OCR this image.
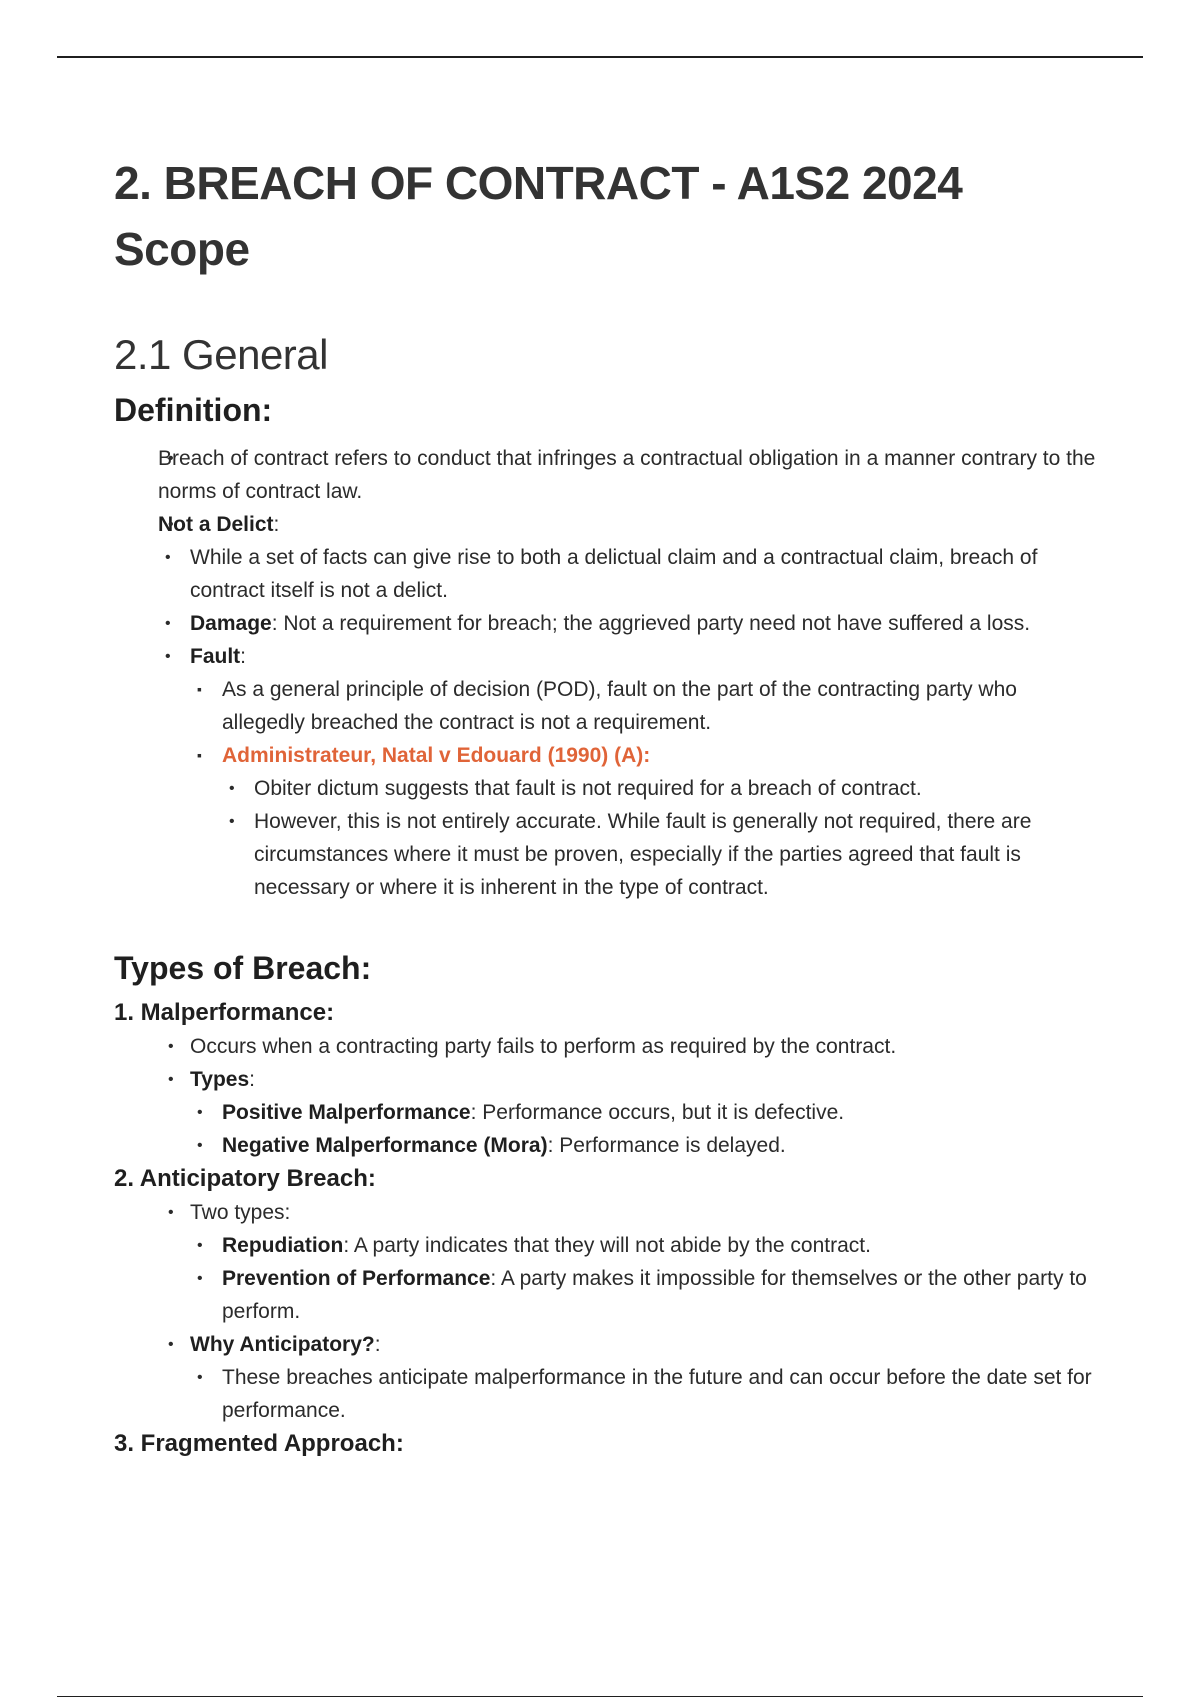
2. BREACH OF CONTRACT - A1S2 2024 Scope
2.1 General
Definition:
• Breach of contract refers to conduct that infringes a contractual obligation in a manner contrary to the norms of contract law.
• Not a Delict:
• While a set of facts can give rise to both a delictual claim and a contractual claim, breach of contract itself is not a delict.
• Damage: Not a requirement for breach; the aggrieved party need not have suffered a loss.
• Fault:
▪ As a general principle of decision (POD), fault on the part of the contracting party who allegedly breached the contract is not a requirement.
▪ Administrateur, Natal v Edouard (1990) (A):
• Obiter dictum suggests that fault is not required for a breach of contract.
• However, this is not entirely accurate. While fault is generally not required, there are circumstances where it must be proven, especially if the parties agreed that fault is necessary or where it is inherent in the type of contract.
Types of Breach:
1. Malperformance:
• Occurs when a contracting party fails to perform as required by the contract.
• Types:
• Positive Malperformance: Performance occurs, but it is defective.
• Negative Malperformance (Mora): Performance is delayed.
2. Anticipatory Breach:
• Two types:
• Repudiation: A party indicates that they will not abide by the contract.
• Prevention of Performance: A party makes it impossible for themselves or the other party to perform.
• Why Anticipatory?:
• These breaches anticipate malperformance in the future and can occur before the date set for performance.
3. Fragmented Approach:
